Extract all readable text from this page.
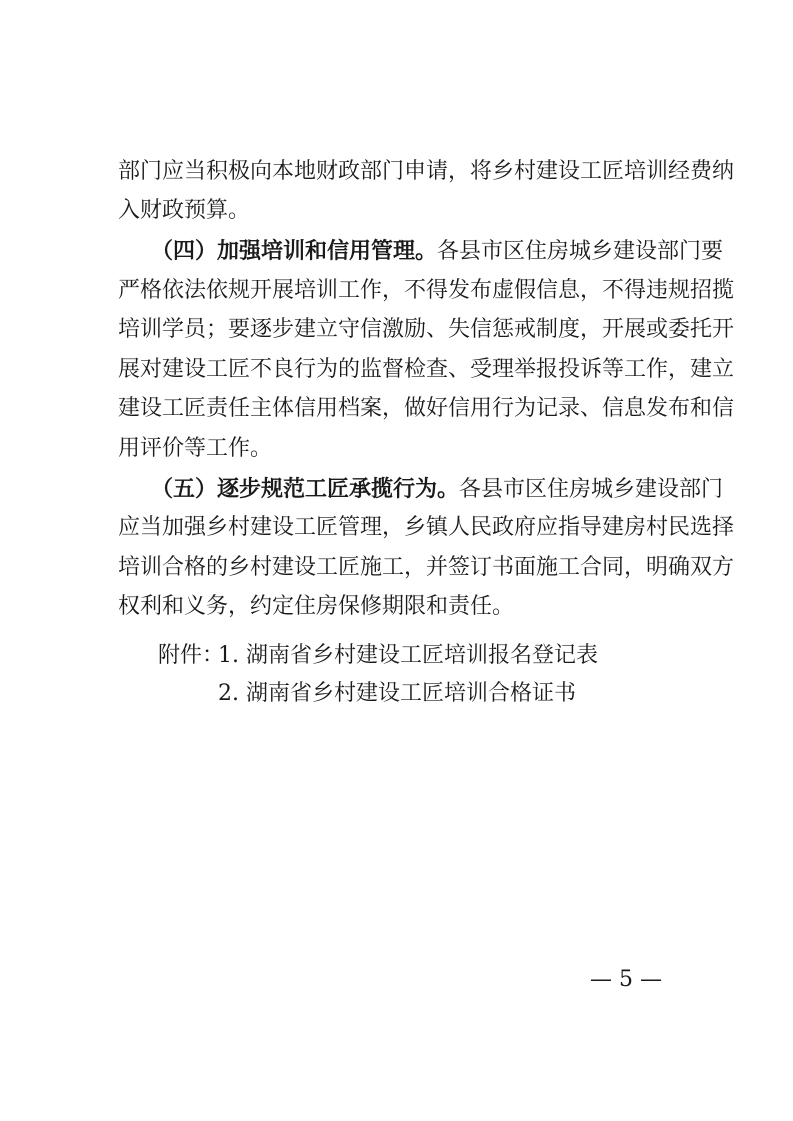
部门应当积极向本地财政部门申请，将乡村建设工匠培训经费纳
入财政预算。
　　（四）加强培训和信用管理。各县市区住房城乡建设部门要
严格依法依规开展培训工作，不得发布虚假信息，不得违规招揽
培训学员；要逐步建立守信激励、失信惩戒制度，开展或委托开
展对建设工匠不良行为的监督检查、受理举报投诉等工作，建立
建设工匠责任主体信用档案，做好信用行为记录、信息发布和信
用评价等工作。
　　（五）逐步规范工匠承揽行为。各县市区住房城乡建设部门
应当加强乡村建设工匠管理，乡镇人民政府应指导建房村民选择
培训合格的乡村建设工匠施工，并签订书面施工合同，明确双方
权利和义务，约定住房保修期限和责任。
附件：
1. 湖南省乡村建设工匠培训报名登记表
2. 湖南省乡村建设工匠培训合格证书
— 5 —
